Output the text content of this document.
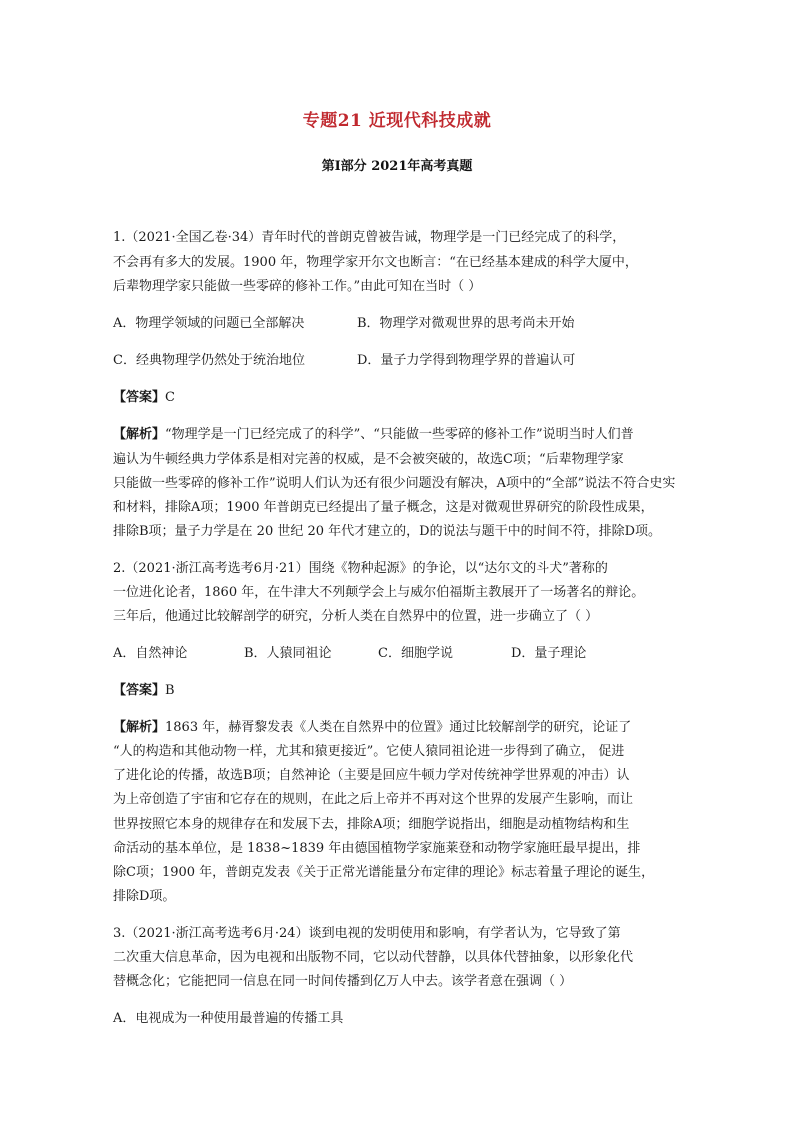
专题21 近现代科技成就
第Ⅰ部分 2021年高考真题
1.（2021·全国乙卷·34）青年时代的普朗克曾被告诫，物理学是一门已经完成了的科学，
不会再有多大的发展。1900 年，物理学家开尔文也断言：“在已经基本建成的科学大厦中，
后辈物理学家只能做一些零碎的修补工作。”由此可知在当时（ ）
A．物理学领域的问题已全部解决	B．物理学对微观世界的思考尚未开始
C．经典物理学仍然处于统治地位	D．量子力学得到物理学界的普遍认可
【答案】C
【解析】“物理学是一门已经完成了的科学”、“只能做一些零碎的修补工作”说明当时人们普
遍认为牛顿经典力学体系是相对完善的权威，是不会被突破的，故选C项；“后辈物理学家
只能做一些零碎的修补工作”说明人们认为还有很少问题没有解决，A项中的“全部”说法不符合史实
和材料，排除A项；1900 年普朗克已经提出了量子概念，这是对微观世界研究的阶段性成果，
排除B项；量子力学是在 20 世纪 20 年代才建立的，D的说法与题干中的时间不符，排除D项。
2.（2021·浙江高考选考6月·21）围绕《物种起源》的争论，以“达尔文的斗犬”著称的
一位进化论者，1860 年，在牛津大不列颠学会上与威尔伯福斯主教展开了一场著名的辩论。
三年后，他通过比较解剖学的研究，分析人类在自然界中的位置，进一步确立了（ ）
A．自然神论	B．人猿同祖论	C．细胞学说	D．量子理论
【答案】B
【解析】1863 年，赫胥黎发表《人类在自然界中的位置》通过比较解剖学的研究，论证了
“人的构造和其他动物一样，尤其和猿更接近”。它使人猿同祖论进一步得到了确立， 促进
了进化论的传播，故选B项；自然神论（主要是回应牛顿力学对传统神学世界观的冲击）认
为上帝创造了宇宙和它存在的规则，在此之后上帝并不再对这个世界的发展产生影响，而让
世界按照它本身的规律存在和发展下去，排除A项；细胞学说指出，细胞是动植物结构和生
命活动的基本单位，是 1838~1839 年由德国植物学家施莱登和动物学家施旺最早提出，排
除C项；1900 年，普朗克发表《关于正常光谱能量分布定律的理论》标志着量子理论的诞生，
排除D项。
3.（2021·浙江高考选考6月·24）谈到电视的发明使用和影响，有学者认为，它导致了第
二次重大信息革命，因为电视和出版物不同，它以动代替静，以具体代替抽象，以形象化代
替概念化；它能把同一信息在同一时间传播到亿万人中去。该学者意在强调（ ）
A．电视成为一种使用最普遍的传播工具
